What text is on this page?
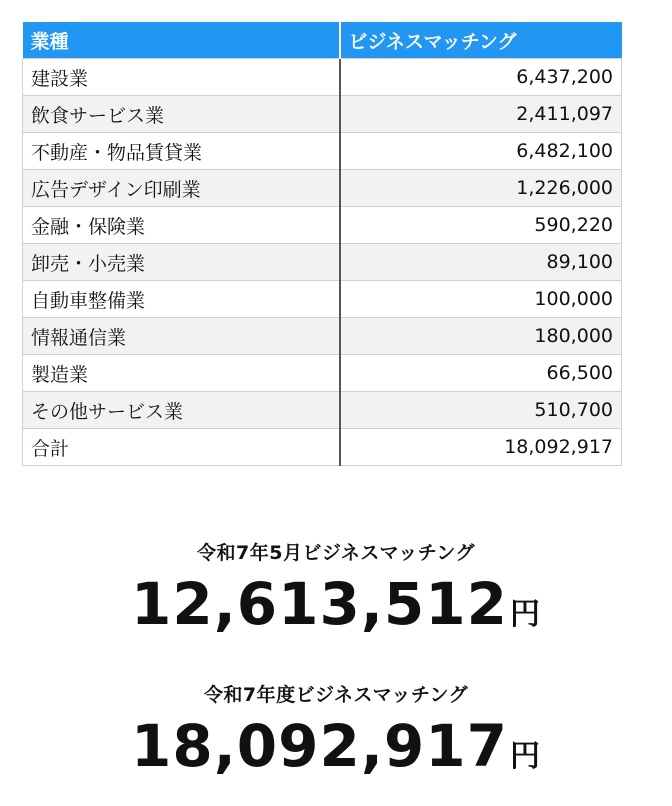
業種	ビジネスマッチング
建設業	6,437,200
飲食サービス業	2,411,097
不動産・物品賃貸業	6,482,100
広告デザイン印刷業	1,226,000
金融・保険業	590,220
卸売・小売業	89,100
自動車整備業	100,000
情報通信業	180,000
製造業	66,500
その他サービス業	510,700
合計	18,092,917
令和7年5月ビジネスマッチング
12,613,512円
令和7年度ビジネスマッチング
18,092,917円
